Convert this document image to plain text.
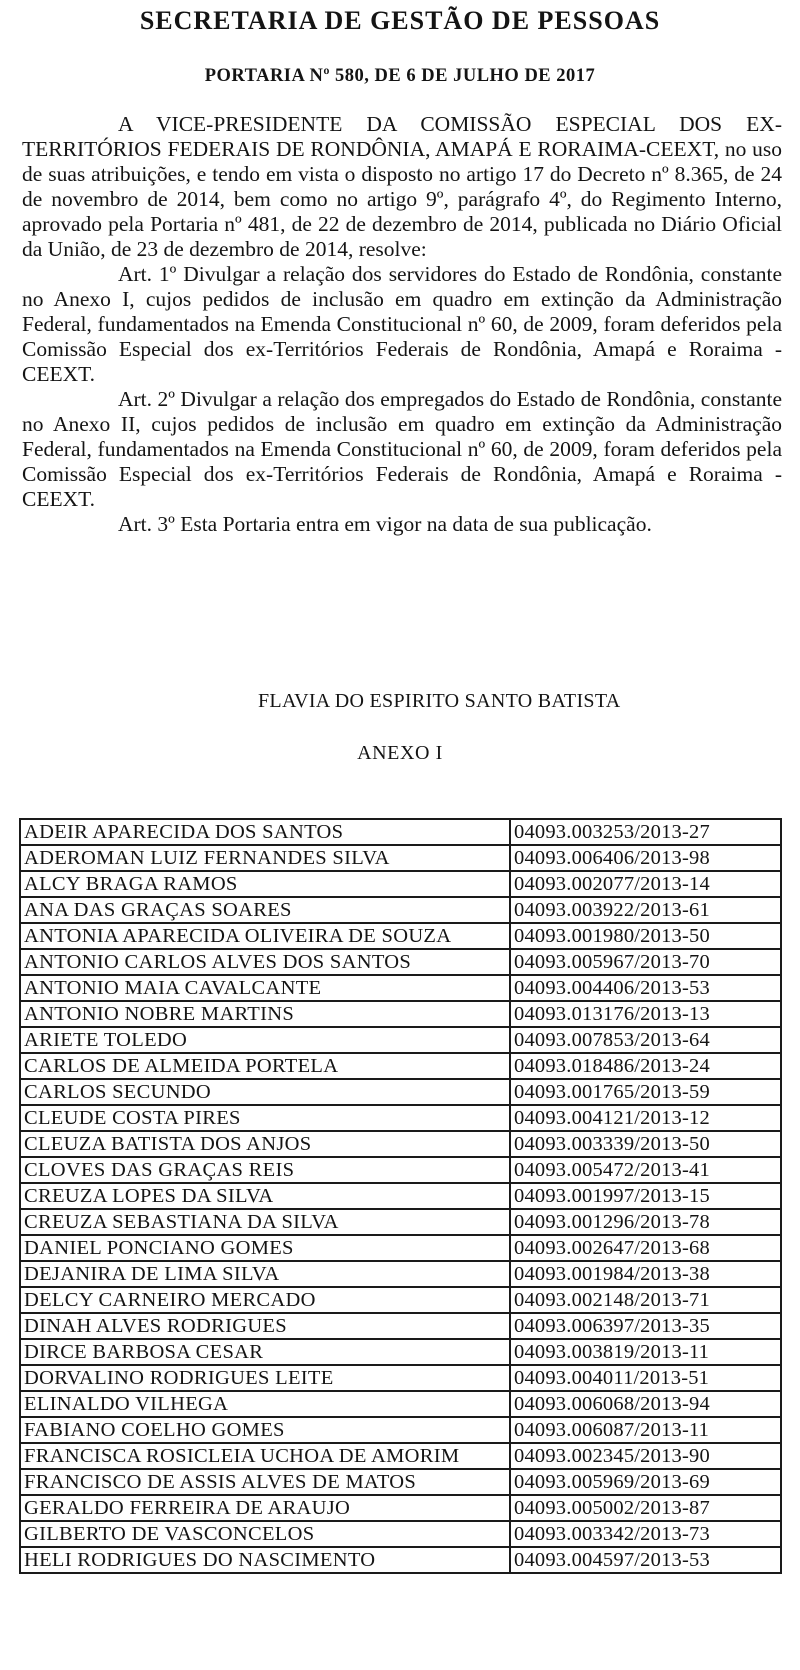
SECRETARIA DE GESTÃO DE PESSOAS
PORTARIA Nº 580, DE 6 DE JULHO DE 2017

A VICE-PRESIDENTE DA COMISSÃO ESPECIAL DOS EX-TERRITÓRIOS FEDERAIS DE RONDÔNIA, AMAPÁ E RORAIMA-CEEXT, no uso de suas atribuições, e tendo em vista o disposto no artigo 17 do Decreto nº 8.365, de 24 de novembro de 2014, bem como no artigo 9º, parágrafo 4º, do Regimento Interno, aprovado pela Portaria nº 481, de 22 de dezembro de 2014, publicada no Diário Oficial da União, de 23 de dezembro de 2014, resolve:

Art. 1º Divulgar a relação dos servidores do Estado de Rondônia, constante no Anexo I, cujos pedidos de inclusão em quadro em extinção da Administração Federal, fundamentados na Emenda Constitucional nº 60, de 2009, foram deferidos pela Comissão Especial dos ex-Territórios Federais de Rondônia, Amapá e Roraima - CEEXT.

Art. 2º Divulgar a relação dos empregados do Estado de Rondônia, constante no Anexo II, cujos pedidos de inclusão em quadro em extinção da Administração Federal, fundamentados na Emenda Constitucional nº 60, de 2009, foram deferidos pela Comissão Especial dos ex-Territórios Federais de Rondônia, Amapá e Roraima - CEEXT.

Art. 3º Esta Portaria entra em vigor na data de sua publicação.

FLAVIA DO ESPIRITO SANTO BATISTA
ANEXO I
ADEIR APARECIDA DOS SANTOS	04093.003253/2013-27
ADEROMAN LUIZ FERNANDES SILVA	04093.006406/2013-98
ALCY BRAGA RAMOS	04093.002077/2013-14
ANA DAS GRAÇAS SOARES	04093.003922/2013-61
ANTONIA APARECIDA OLIVEIRA DE SOUZA	04093.001980/2013-50
ANTONIO CARLOS ALVES DOS SANTOS	04093.005967/2013-70
ANTONIO MAIA CAVALCANTE	04093.004406/2013-53
ANTONIO NOBRE MARTINS	04093.013176/2013-13
ARIETE TOLEDO	04093.007853/2013-64
CARLOS DE ALMEIDA PORTELA	04093.018486/2013-24
CARLOS SECUNDO	04093.001765/2013-59
CLEUDE COSTA PIRES	04093.004121/2013-12
CLEUZA BATISTA DOS ANJOS	04093.003339/2013-50
CLOVES DAS GRAÇAS REIS	04093.005472/2013-41
CREUZA LOPES DA SILVA	04093.001997/2013-15
CREUZA SEBASTIANA DA SILVA	04093.001296/2013-78
DANIEL PONCIANO GOMES	04093.002647/2013-68
DEJANIRA DE LIMA SILVA	04093.001984/2013-38
DELCY CARNEIRO MERCADO	04093.002148/2013-71
DINAH ALVES RODRIGUES	04093.006397/2013-35
DIRCE BARBOSA CESAR	04093.003819/2013-11
DORVALINO RODRIGUES LEITE	04093.004011/2013-51
ELINALDO VILHEGA	04093.006068/2013-94
FABIANO COELHO GOMES	04093.006087/2013-11
FRANCISCA ROSICLEIA UCHOA DE AMORIM	04093.002345/2013-90
FRANCISCO DE ASSIS ALVES DE MATOS	04093.005969/2013-69
GERALDO FERREIRA DE ARAUJO	04093.005002/2013-87
GILBERTO DE VASCONCELOS	04093.003342/2013-73
HELI RODRIGUES DO NASCIMENTO	04093.004597/2013-53
